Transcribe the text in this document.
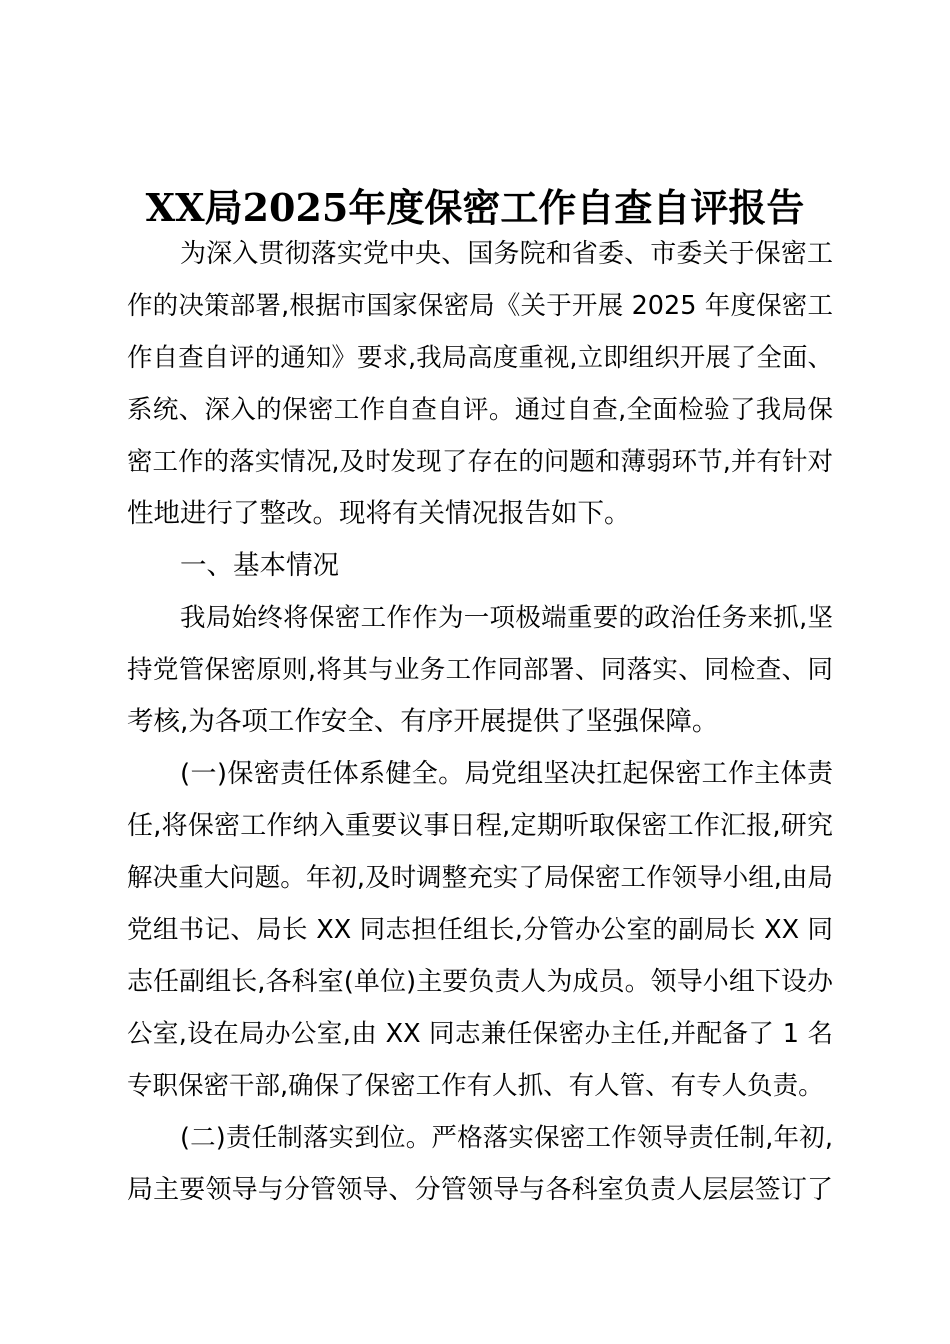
XX局2025年度保密工作自查自评报告

为深入贯彻落实党中央、国务院和省委、市委关于保密工

作的决策部署,根据市国家保密局《关于开展 2025 年度保密工

作自查自评的通知》要求,我局高度重视,立即组织开展了全面、

系统、深入的保密工作自查自评。通过自查,全面检验了我局保

密工作的落实情况,及时发现了存在的问题和薄弱环节,并有针对

性地进行了整改。现将有关情况报告如下。

一、基本情况

我局始终将保密工作作为一项极端重要的政治任务来抓,坚

持党管保密原则,将其与业务工作同部署、同落实、同检查、同

考核,为各项工作安全、有序开展提供了坚强保障。

(一)保密责任体系健全。局党组坚决扛起保密工作主体责

任,将保密工作纳入重要议事日程,定期听取保密工作汇报,研究

解决重大问题。年初,及时调整充实了局保密工作领导小组,由局

党组书记、局长 XX 同志担任组长,分管办公室的副局长 XX 同

志任副组长,各科室(单位)主要负责人为成员。领导小组下设办

公室,设在局办公室,由 XX 同志兼任保密办主任,并配备了 1 名

专职保密干部,确保了保密工作有人抓、有人管、有专人负责。

(二)责任制落实到位。严格落实保密工作领导责任制,年初,

局主要领导与分管领导、分管领导与各科室负责人层层签订了
